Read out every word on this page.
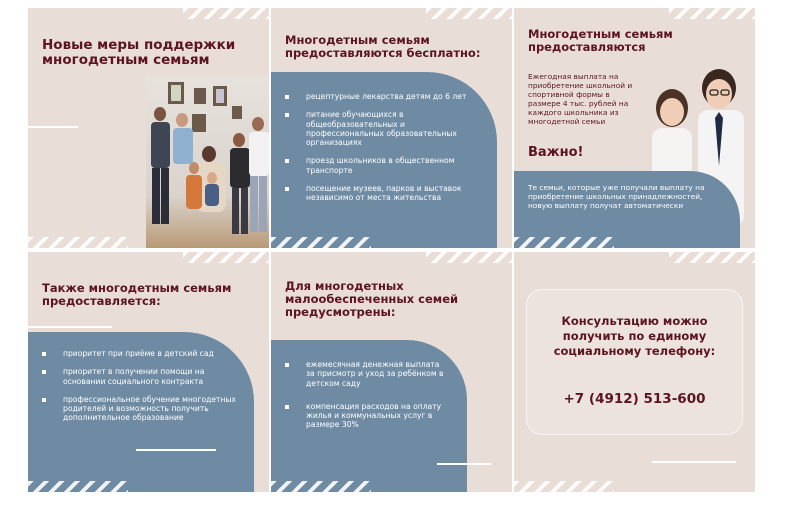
Новые меры поддержки многодетным семьям
Многодетным семьям предоставляются бесплатно:
рецептурные лекарства детям до 6 лет
питание обучающихся в общеобразовательных и профессиональных образовательных организациях
проезд школьников в общественном транспорте
посещение музеев, парков и выставок независимо от места жительства
Многодетным семьям предоставляются
Ежегодная выплата на приобретение школьной и спортивной формы в размере 4 тыс. рублей на каждого школьника из многодетной семьи
Важно!
Те семьи, которые уже получали выплату на приобретение школьных принадлежностей, новую выплату получат автоматически
Также многодетным семьям предоставляется:
приоритет при приёме в детский сад
приоритет в получении помощи на основании социального контракта
профессиональное обучение многодетных родителей и возможность получить дополнительное образование
Для многодетных малообеспеченных семей предусмотрены:
ежемесячная денежная выплата за присмотр и уход за ребёнком в детском саду
компенсация расходов на оплату жилья и коммунальных услуг в размере 30%
Консультацию можно получить по единому социальному телефону:
+7 (4912) 513-600
